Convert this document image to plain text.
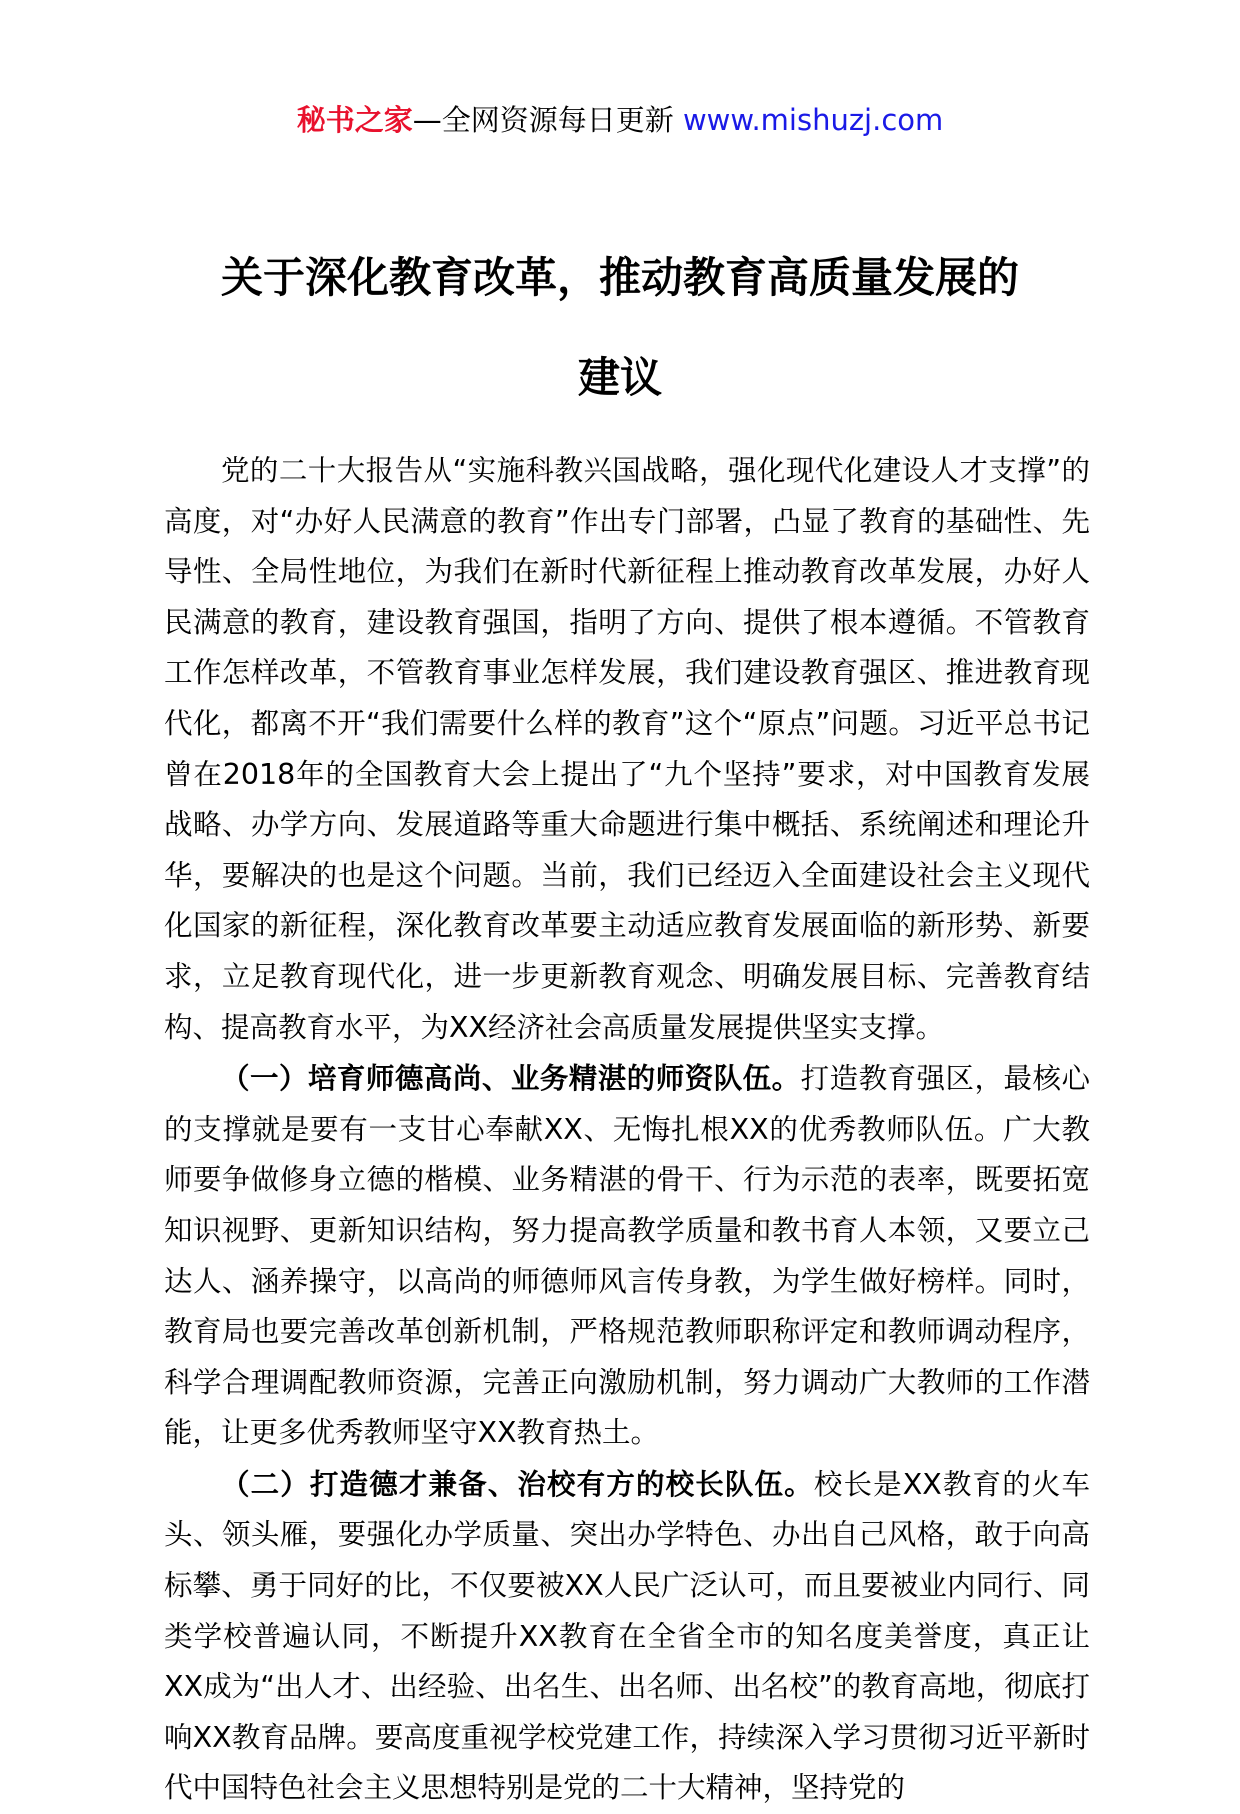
秘书之家—全网资源每日更新 www.mishuzj.com
关于深化教育改革，推动教育高质量发展的
建议

党的二十大报告从“实施科教兴国战略，强化现代化建设人才支撑”的高度，对“办好人民满意的教育”作出专门部署，凸显了教育的基础性、先导性、全局性地位，为我们在新时代新征程上推动教育改革发展，办好人民满意的教育，建设教育强国，指明了方向、提供了根本遵循。不管教育工作怎样改革，不管教育事业怎样发展，我们建设教育强区、推进教育现代化，都离不开“我们需要什么样的教育”这个“原点”问题。习近平总书记曾在2018年的全国教育大会上提出了“九个坚持”要求，对中国教育发展战略、办学方向、发展道路等重大命题进行集中概括、系统阐述和理论升华，要解决的也是这个问题。当前，我们已经迈入全面建设社会主义现代化国家的新征程，深化教育改革要主动适应教育发展面临的新形势、新要求，立足教育现代化，进一步更新教育观念、明确发展目标、完善教育结构、提高教育水平，为XX经济社会高质量发展提供坚实支撑。

（一）培育师德高尚、业务精湛的师资队伍。打造教育强区，最核心的支撑就是要有一支甘心奉献XX、无悔扎根XX的优秀教师队伍。广大教师要争做修身立德的楷模、业务精湛的骨干、行为示范的表率，既要拓宽知识视野、更新知识结构，努力提高教学质量和教书育人本领，又要立己达人、涵养操守，以高尚的师德师风言传身教，为学生做好榜样。同时，教育局也要完善改革创新机制，严格规范教师职称评定和教师调动程序，科学合理调配教师资源，完善正向激励机制，努力调动广大教师的工作潜能，让更多优秀教师坚守XX教育热土。

（二）打造德才兼备、治校有方的校长队伍。校长是XX教育的火车头、领头雁，要强化办学质量、突出办学特色、办出自己风格，敢于向高标攀、勇于同好的比，不仅要被XX人民广泛认可，而且要被业内同行、同类学校普遍认同，不断提升XX教育在全省全市的知名度美誉度，真正让XX成为“出人才、出经验、出名生、出名师、出名校”的教育高地，彻底打响XX教育品牌。要高度重视学校党建工作，持续深入学习贯彻习近平新时代中国特色社会主义思想特别是党的二十大精神，坚持党的
